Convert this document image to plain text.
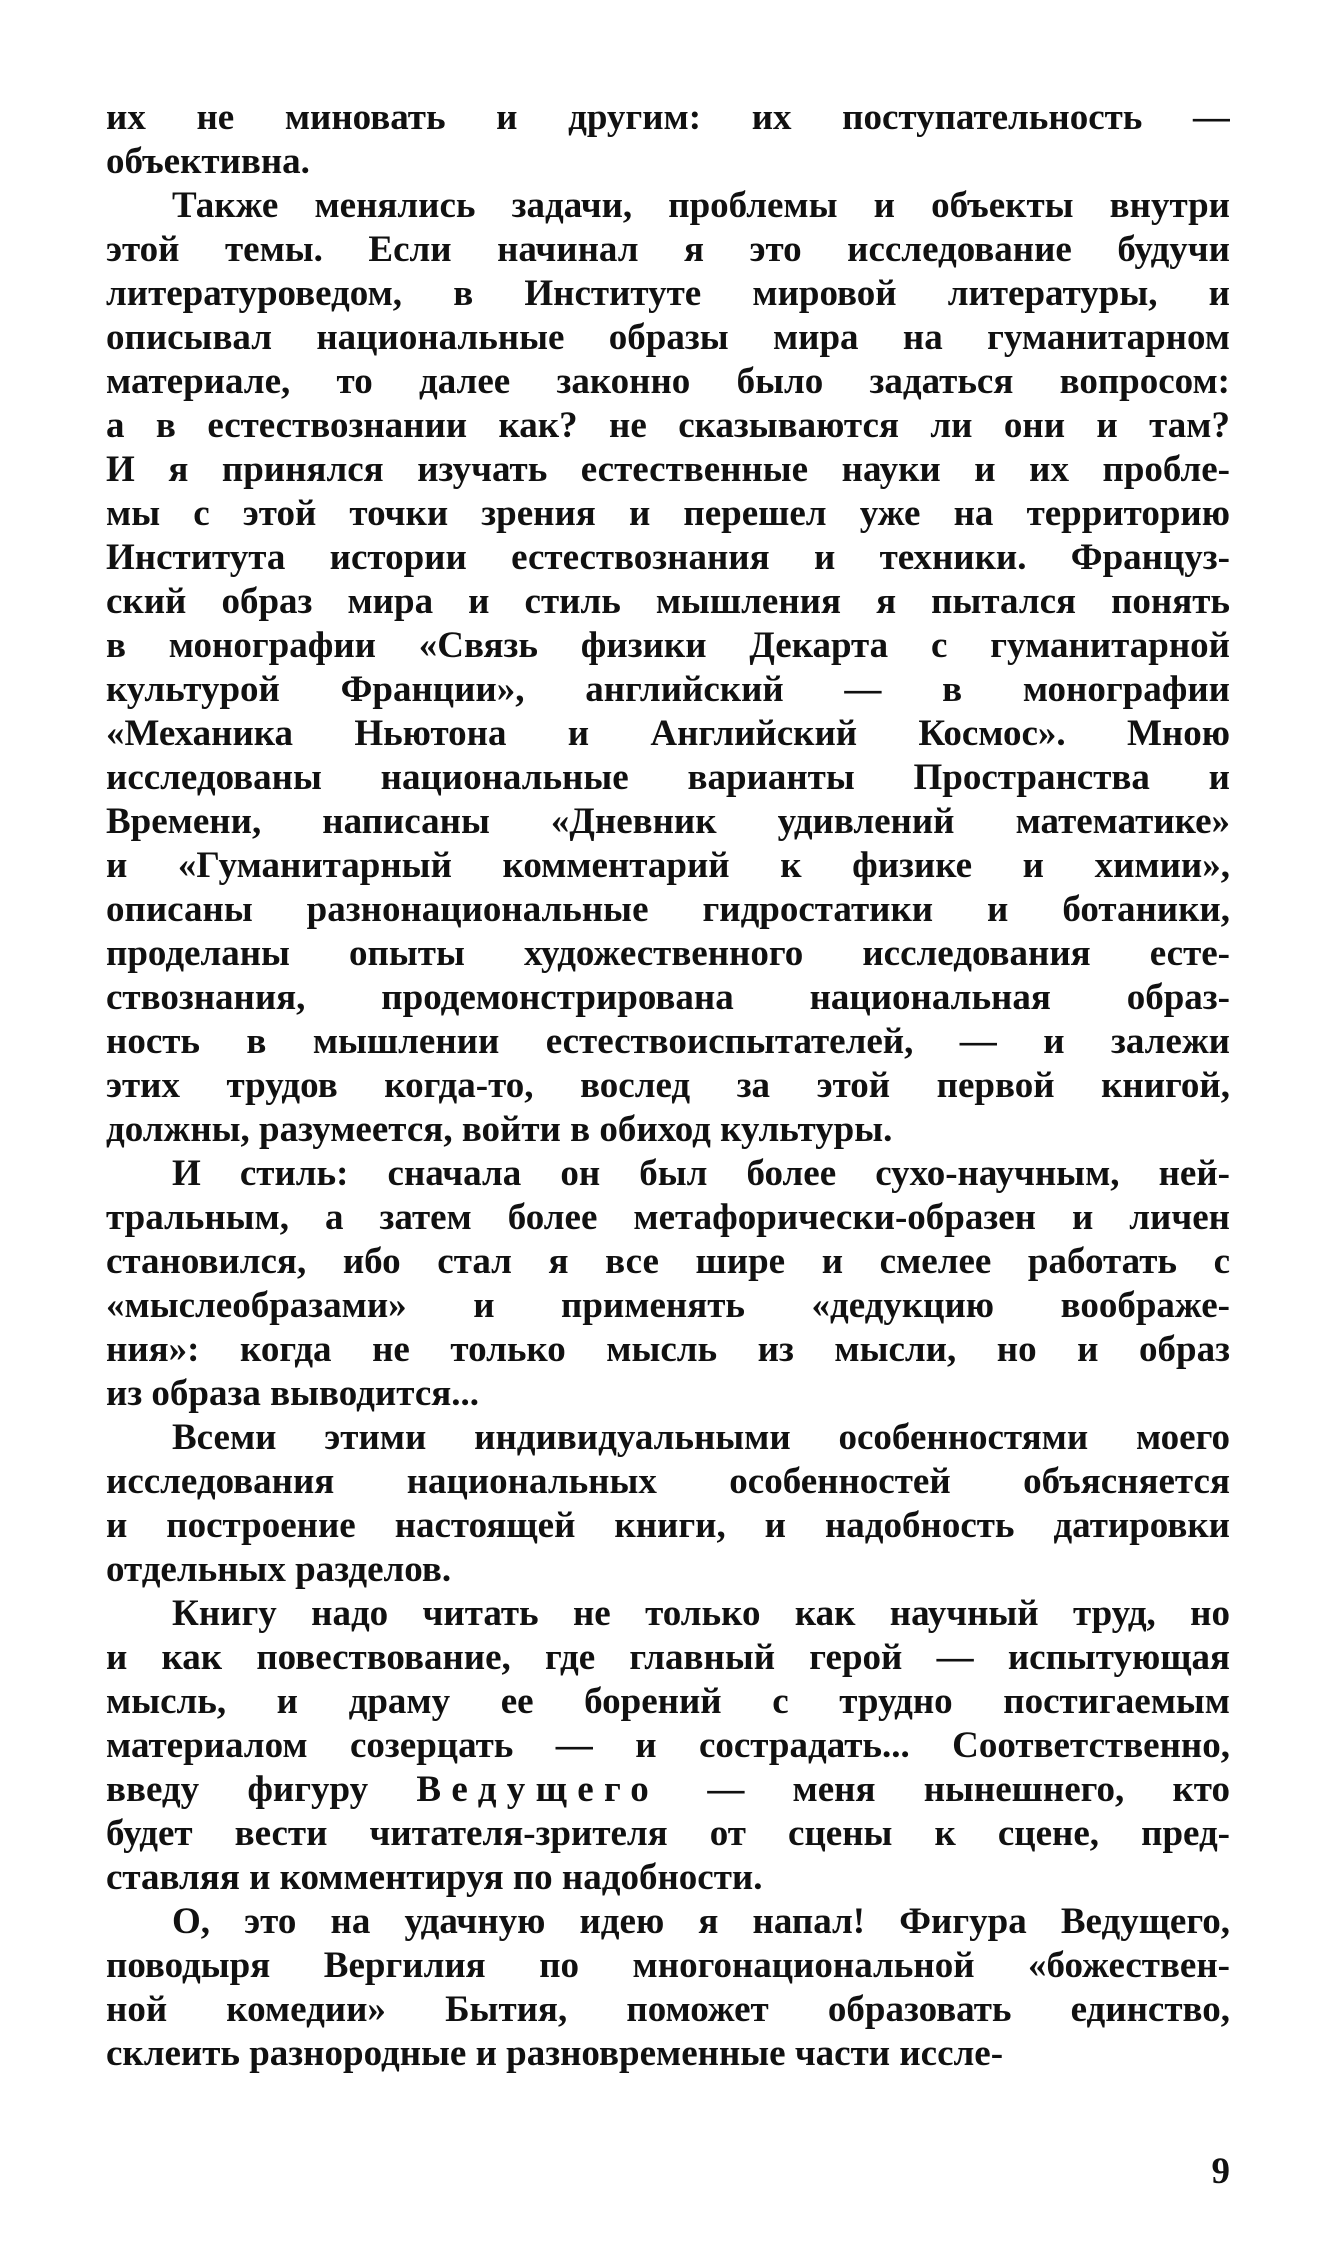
их не миновать и другим: их поступательность —
объективна.
Также менялись задачи, проблемы и объекты внутри
этой темы. Если начинал я это исследование будучи
литературоведом, в Институте мировой литературы, и
описывал национальные образы мира на гуманитарном
материале, то далее законно было задаться вопросом:
а в естествознании как? не сказываются ли они и там?
И я принялся изучать естественные науки и их пробле-
мы с этой точки зрения и перешел уже на территорию
Института истории естествознания и техники. Француз-
ский образ мира и стиль мышления я пытался понять
в монографии «Связь физики Декарта с гуманитарной
культурой Франции», английский — в монографии
«Механика Ньютона и Английский Космос». Мною
исследованы национальные варианты Пространства и
Времени, написаны «Дневник удивлений математике»
и «Гуманитарный комментарий к физике и химии»,
описаны разнонациональные гидростатики и ботаники,
проделаны опыты художественного исследования есте-
ствознания, продемонстрирована национальная образ-
ность в мышлении естествоиспытателей, — и залежи
этих трудов когда-то, вослед за этой первой книгой,
должны, разумеется, войти в обиход культуры.
И стиль: сначала он был более сухо-научным, ней-
тральным, а затем более метафорически-образен и личен
становился, ибо стал я все шире и смелее работать с
«мыслеобразами» и применять «дедукцию воображе-
ния»: когда не только мысль из мысли, но и образ
из образа выводится...
Всеми этими индивидуальными особенностями моего
исследования национальных особенностей объясняется
и построение настоящей книги, и надобность датировки
отдельных разделов.
Книгу надо читать не только как научный труд, но
и как повествование, где главный герой — испытующая
мысль, и драму ее борений с трудно постигаемым
материалом созерцать — и сострадать... Соответственно,
введу фигуру Ведущего — меня нынешнего, кто
будет вести читателя-зрителя от сцены к сцене, пред-
ставляя и комментируя по надобности.
О, это на удачную идею я напал! Фигура Ведущего,
поводыря Вергилия по многонациональной «божествен-
ной комедии» Бытия, поможет образовать единство,
склеить разнородные и разновременные части иссле-
9
